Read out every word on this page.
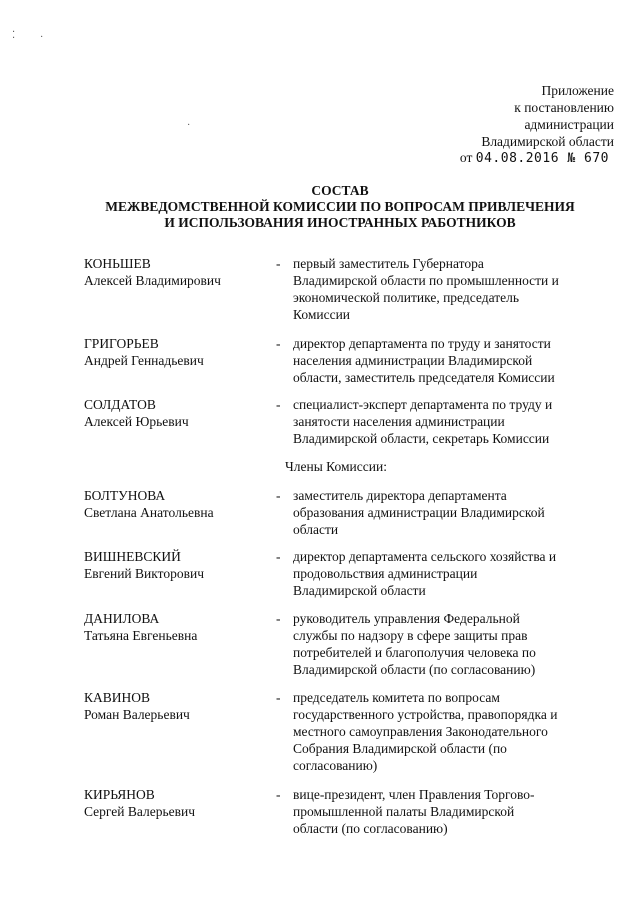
⁚ ·
·
Приложение
к постановлению
администрации
Владимирской области
от 04.08.2016 № 670
СОСТАВ
МЕЖВЕДОМСТВЕННОЙ КОМИССИИ ПО ВОПРОСАМ ПРИВЛЕЧЕНИЯ
И ИСПОЛЬЗОВАНИЯ ИНОСТРАННЫХ РАБОТНИКОВ
КОНЬШЕВ
Алексей Владимирович
- первый заместитель Губернатора
Владимирской области по промышленности и
экономической политике, председатель
Комиссии
ГРИГОРЬЕВ
Андрей Геннадьевич
- директор департамента по труду и занятости
населения администрации Владимирской
области, заместитель председателя Комиссии
СОЛДАТОВ
Алексей Юрьевич
- специалист-эксперт департамента по труду и
занятости населения администрации
Владимирской области, секретарь Комиссии
Члены Комиссии:
БОЛТУНОВА
Светлана Анатольевна
- заместитель директора департамента
образования администрации Владимирской
области
ВИШНЕВСКИЙ
Евгений Викторович
- директор департамента сельского хозяйства и
продовольствия администрации
Владимирской области
ДАНИЛОВА
Татьяна Евгеньевна
- руководитель управления Федеральной
службы по надзору в сфере защиты прав
потребителей и благополучия человека по
Владимирской области (по согласованию)
КАВИНОВ
Роман Валерьевич
- председатель комитета по вопросам
государственного устройства, правопорядка и
местного самоуправления Законодательного
Собрания Владимирской области (по
согласованию)
КИРЬЯНОВ
Сергей Валерьевич
- вице-президент, член Правления Торгово-
промышленной палаты Владимирской
области (по согласованию)
